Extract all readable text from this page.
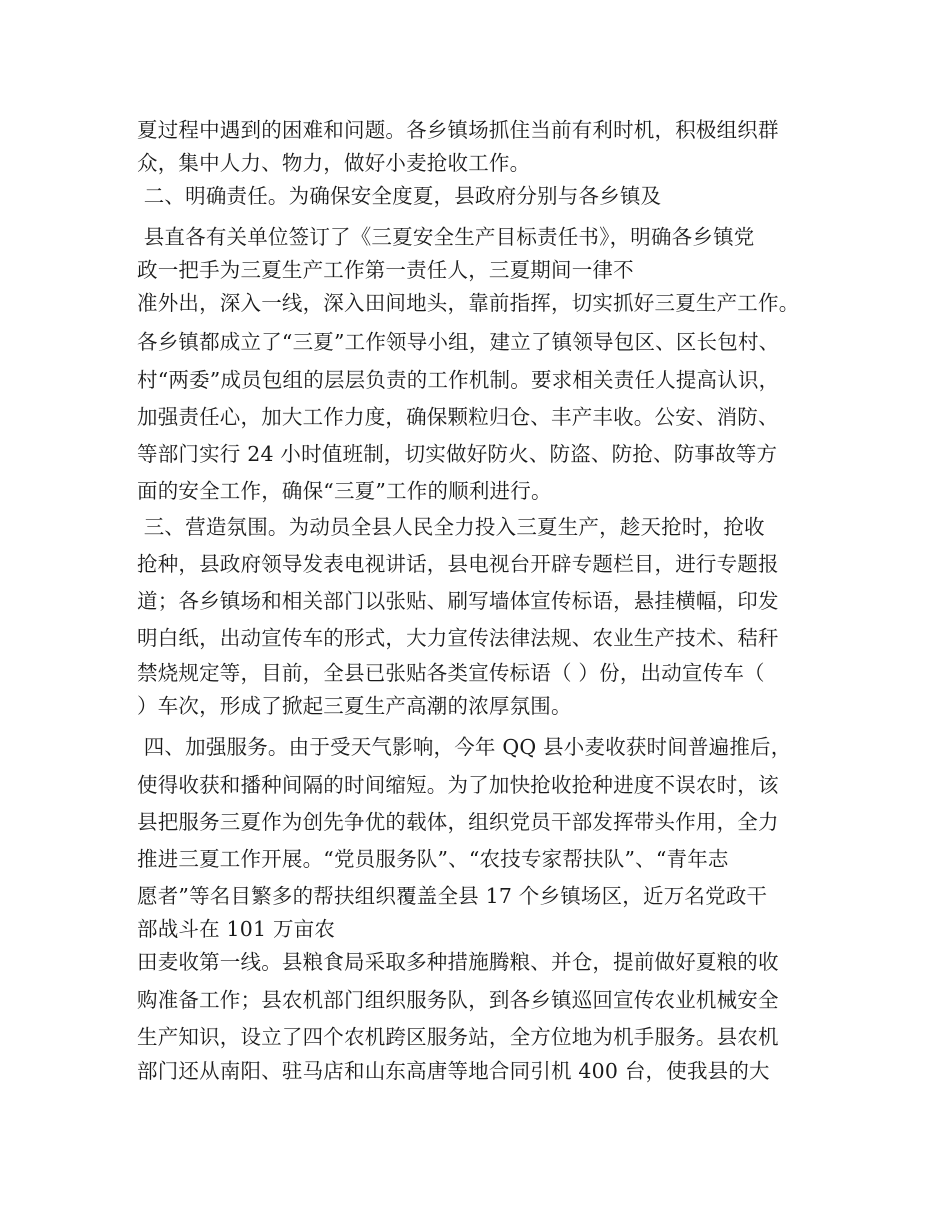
夏过程中遇到的困难和问题。各乡镇场抓住当前有利时机，积极组织群
众，集中人力、物力，做好小麦抢收工作。
二、明确责任。为确保安全度夏，县政府分别与各乡镇及
县直各有关单位签订了《三夏安全生产目标责任书》，明确各乡镇党
政一把手为三夏生产工作第一责任人，三夏期间一律不
准外出，深入一线，深入田间地头，靠前指挥，切实抓好三夏生产工作。
各乡镇都成立了“三夏”工作领导小组，建立了镇领导包区、区长包村、
村“两委”成员包组的层层负责的工作机制。要求相关责任人提高认识，
加强责任心，加大工作力度，确保颗粒归仓、丰产丰收。公安、消防、
等部门实行 24 小时值班制，切实做好防火、防盗、防抢、防事故等方
面的安全工作，确保“三夏”工作的顺利进行。
三、营造氛围。为动员全县人民全力投入三夏生产，趁天抢时，抢收
抢种，县政府领导发表电视讲话，县电视台开辟专题栏目，进行专题报
道；各乡镇场和相关部门以张贴、刷写墙体宣传标语，悬挂横幅，印发
明白纸，出动宣传车的形式，大力宣传法律法规、农业生产技术、秸秆
禁烧规定等，目前，全县已张贴各类宣传标语（ ）份，出动宣传车（
）车次，形成了掀起三夏生产高潮的浓厚氛围。
四、加强服务。由于受天气影响，今年 QQ 县小麦收获时间普遍推后，
使得收获和播种间隔的时间缩短。为了加快抢收抢种进度不误农时，该
县把服务三夏作为创先争优的载体，组织党员干部发挥带头作用，全力
推进三夏工作开展。“党员服务队”、“农技专家帮扶队”、“青年志
愿者”等名目繁多的帮扶组织覆盖全县 17 个乡镇场区，近万名党政干
部战斗在 101 万亩农
田麦收第一线。县粮食局采取多种措施腾粮、并仓，提前做好夏粮的收
购准备工作；县农机部门组织服务队，到各乡镇巡回宣传农业机械安全
生产知识，设立了四个农机跨区服务站，全方位地为机手服务。县农机
部门还从南阳、驻马店和山东高唐等地合同引机 400 台，使我县的大
